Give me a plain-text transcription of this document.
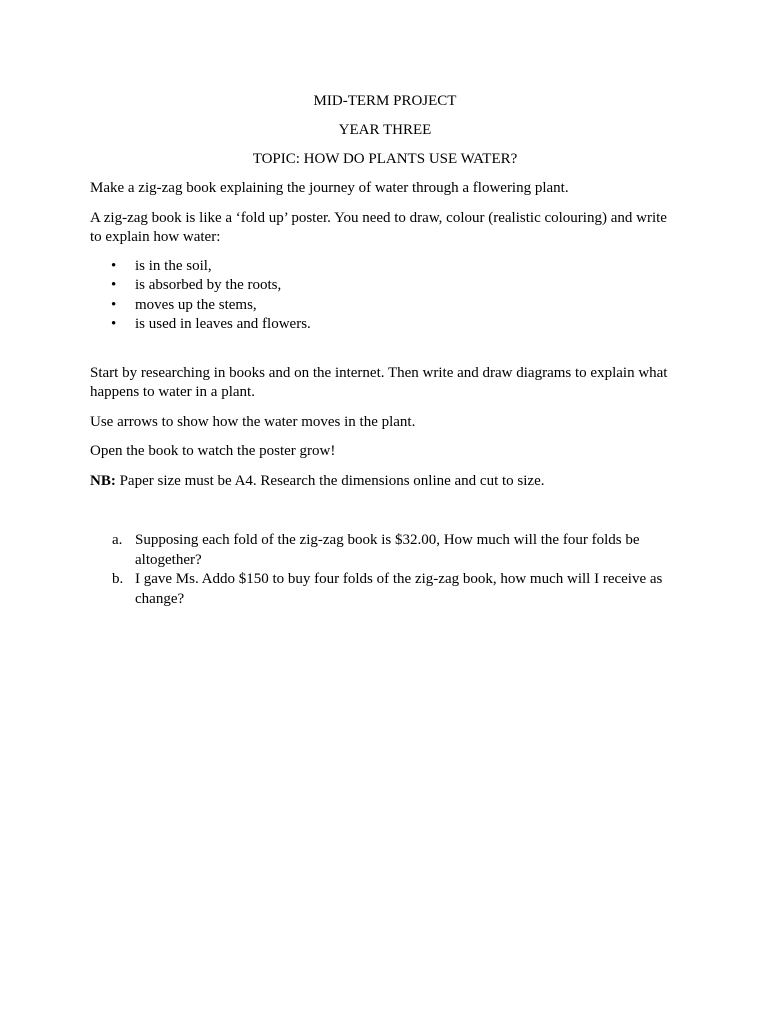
MID-TERM PROJECT

YEAR THREE

TOPIC: HOW DO PLANTS USE WATER?

Make a zig-zag book explaining the journey of water through a flowering plant.

A zig-zag book is like a ‘fold up’ poster. You need to draw, colour (realistic colouring) and write to explain how water:

• is in the soil,
• is absorbed by the roots,
• moves up the stems,
• is used in leaves and flowers.

Start by researching in books and on the internet. Then write and draw diagrams to explain what happens to water in a plant.

Use arrows to show how the water moves in the plant.

Open the book to watch the poster grow!

NB: Paper size must be A4. Research the dimensions online and cut to size.

a. Supposing each fold of the zig-zag book is $32.00, How much will the four folds be altogether?
b. I gave Ms. Addo $150 to buy four folds of the zig-zag book, how much will I receive as change?
